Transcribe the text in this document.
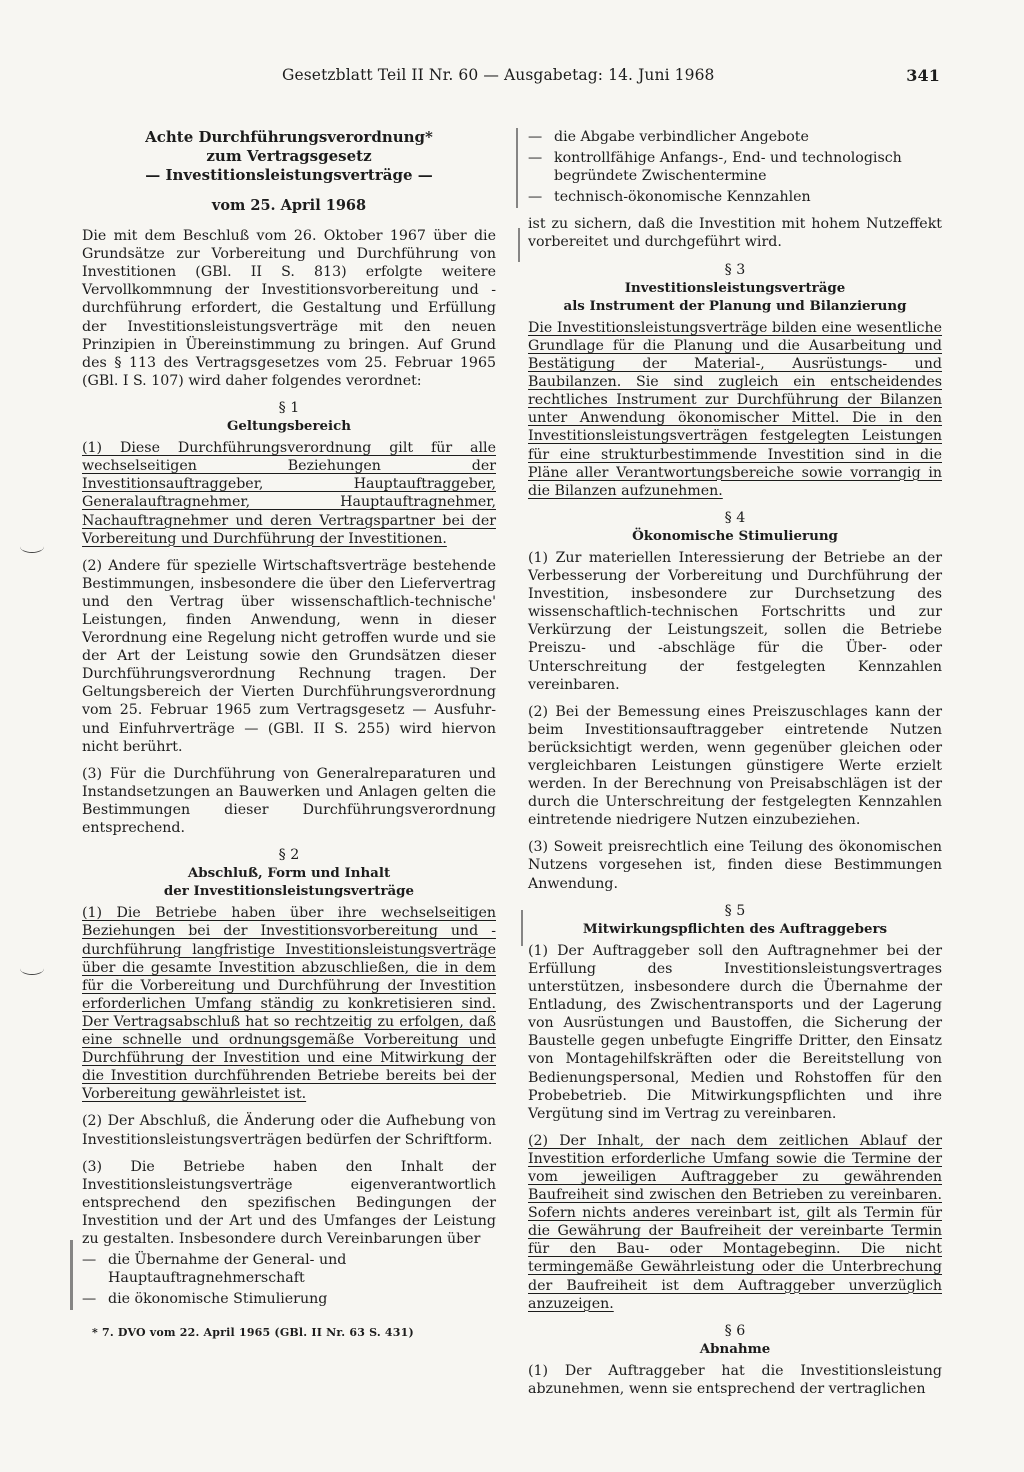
Gesetzblatt Teil II Nr. 60 — Ausgabetag: 14. Juni 1968	341
Achte Durchführungsverordnung*
zum Vertragsgesetz
— Investitionsleistungsverträge —
vom 25. April 1968

Die mit dem Beschluß vom 26. Oktober 1967 über die Grundsätze zur Vorbereitung und Durchführung von Investitionen (GBl. II S. 813) erfolgte weitere Vervollkommnung der Investitionsvorbereitung und -durchführung erfordert, die Gestaltung und Erfüllung der Investitionsleistungsverträge mit den neuen Prinzipien in Übereinstimmung zu bringen. Auf Grund des § 113 des Vertragsgesetzes vom 25. Februar 1965 (GBl. I S. 107) wird daher folgendes verordnet:

§ 1
Geltungsbereich

(1) Diese Durchführungsverordnung gilt für alle wechselseitigen Beziehungen der Investitionsauftraggeber, Hauptauftraggeber, Generalauftragnehmer, Hauptauftragnehmer, Nachauftragnehmer und deren Vertragspartner bei der Vorbereitung und Durchführung der Investitionen.

(2) Andere für spezielle Wirtschaftsverträge bestehende Bestimmungen, insbesondere die über den Liefervertrag und den Vertrag über wissenschaftlich-technische' Leistungen, finden Anwendung, wenn in dieser Verordnung eine Regelung nicht getroffen wurde und sie der Art der Leistung sowie den Grundsätzen dieser Durchführungsverordnung Rechnung tragen. Der Geltungsbereich der Vierten Durchführungsverordnung vom 25. Februar 1965 zum Vertragsgesetz — Ausfuhr- und Einfuhrverträge — (GBl. II S. 255) wird hiervon nicht berührt.

(3) Für die Durchführung von Generalreparaturen und Instandsetzungen an Bauwerken und Anlagen gelten die Bestimmungen dieser Durchführungsverordnung entsprechend.

§ 2
Abschluß, Form und Inhalt
der Investitionsleistungsverträge

(1) Die Betriebe haben über ihre wechselseitigen Beziehungen bei der Investitionsvorbereitung und -durchführung langfristige Investitionsleistungsverträge über die gesamte Investition abzuschließen, die in dem für die Vorbereitung und Durchführung der Investition erforderlichen Umfang ständig zu konkretisieren sind. Der Vertragsabschluß hat so rechtzeitig zu erfolgen, daß eine schnelle und ordnungsgemäße Vorbereitung und Durchführung der Investition und eine Mitwirkung der die Investition durchführenden Betriebe bereits bei der Vorbereitung gewährleistet ist.

(2) Der Abschluß, die Änderung oder die Aufhebung von Investitionsleistungsverträgen bedürfen der Schriftform.

(3) Die Betriebe haben den Inhalt der Investitionsleistungsverträge eigenverantwortlich entsprechend den spezifischen Bedingungen der Investition und der Art und des Umfanges der Leistung zu gestalten. Insbesondere durch Vereinbarungen über

— die Übernahme der General- und Hauptauftragnehmerschaft
— die ökonomische Stimulierung
* 7. DVO vom 22. April 1965 (GBl. II Nr. 63 S. 431)
— die Abgabe verbindlicher Angebote
— kontrollfähige Anfangs-, End- und technologisch begründete Zwischentermine
— technisch-ökonomische Kennzahlen

ist zu sichern, daß die Investition mit hohem Nutzeffekt vorbereitet und durchgeführt wird.

§ 3
Investitionsleistungsverträge
als Instrument der Planung und Bilanzierung

Die Investitionsleistungsverträge bilden eine wesentliche Grundlage für die Planung und die Ausarbeitung und Bestätigung der Material-, Ausrüstungs- und Baubilanzen. Sie sind zugleich ein entscheidendes rechtliches Instrument zur Durchführung der Bilanzen unter Anwendung ökonomischer Mittel. Die in den Investitionsleistungsverträgen festgelegten Leistungen für eine strukturbestimmende Investition sind in die Pläne aller Verantwortungsbereiche sowie vorrangig in die Bilanzen aufzunehmen.

§ 4
Ökonomische Stimulierung

(1) Zur materiellen Interessierung der Betriebe an der Verbesserung der Vorbereitung und Durchführung der Investition, insbesondere zur Durchsetzung des wissenschaftlich-technischen Fortschritts und zur Verkürzung der Leistungszeit, sollen die Betriebe Preiszu- und -abschläge für die Über- oder Unterschreitung der festgelegten Kennzahlen vereinbaren.

(2) Bei der Bemessung eines Preiszuschlages kann der beim Investitionsauftraggeber eintretende Nutzen berücksichtigt werden, wenn gegenüber gleichen oder vergleichbaren Leistungen günstigere Werte erzielt werden. In der Berechnung von Preisabschlägen ist der durch die Unterschreitung der festgelegten Kennzahlen eintretende niedrigere Nutzen einzubeziehen.

(3) Soweit preisrechtlich eine Teilung des ökonomischen Nutzens vorgesehen ist, finden diese Bestimmungen Anwendung.

§ 5
Mitwirkungspflichten des Auftraggebers

(1) Der Auftraggeber soll den Auftragnehmer bei der Erfüllung des Investitionsleistungsvertrages unterstützen, insbesondere durch die Übernahme der Entladung, des Zwischentransports und der Lagerung von Ausrüstungen und Baustoffen, die Sicherung der Baustelle gegen unbefugte Eingriffe Dritter, den Einsatz von Montagehilfskräften oder die Bereitstellung von Bedienungspersonal, Medien und Rohstoffen für den Probebetrieb. Die Mitwirkungspflichten und ihre Vergütung sind im Vertrag zu vereinbaren.

(2) Der Inhalt, der nach dem zeitlichen Ablauf der Investition erforderliche Umfang sowie die Termine der vom jeweiligen Auftraggeber zu gewährenden Baufreiheit sind zwischen den Betrieben zu vereinbaren. Sofern nichts anderes vereinbart ist, gilt als Termin für die Gewährung der Baufreiheit der vereinbarte Termin für den Bau- oder Montagebeginn. Die nicht termingemäße Gewährleistung oder die Unterbrechung der Baufreiheit ist dem Auftraggeber unverzüglich anzuzeigen.

§ 6
Abnahme

(1) Der Auftraggeber hat die Investitionsleistung abzunehmen, wenn sie entsprechend der vertraglichen
